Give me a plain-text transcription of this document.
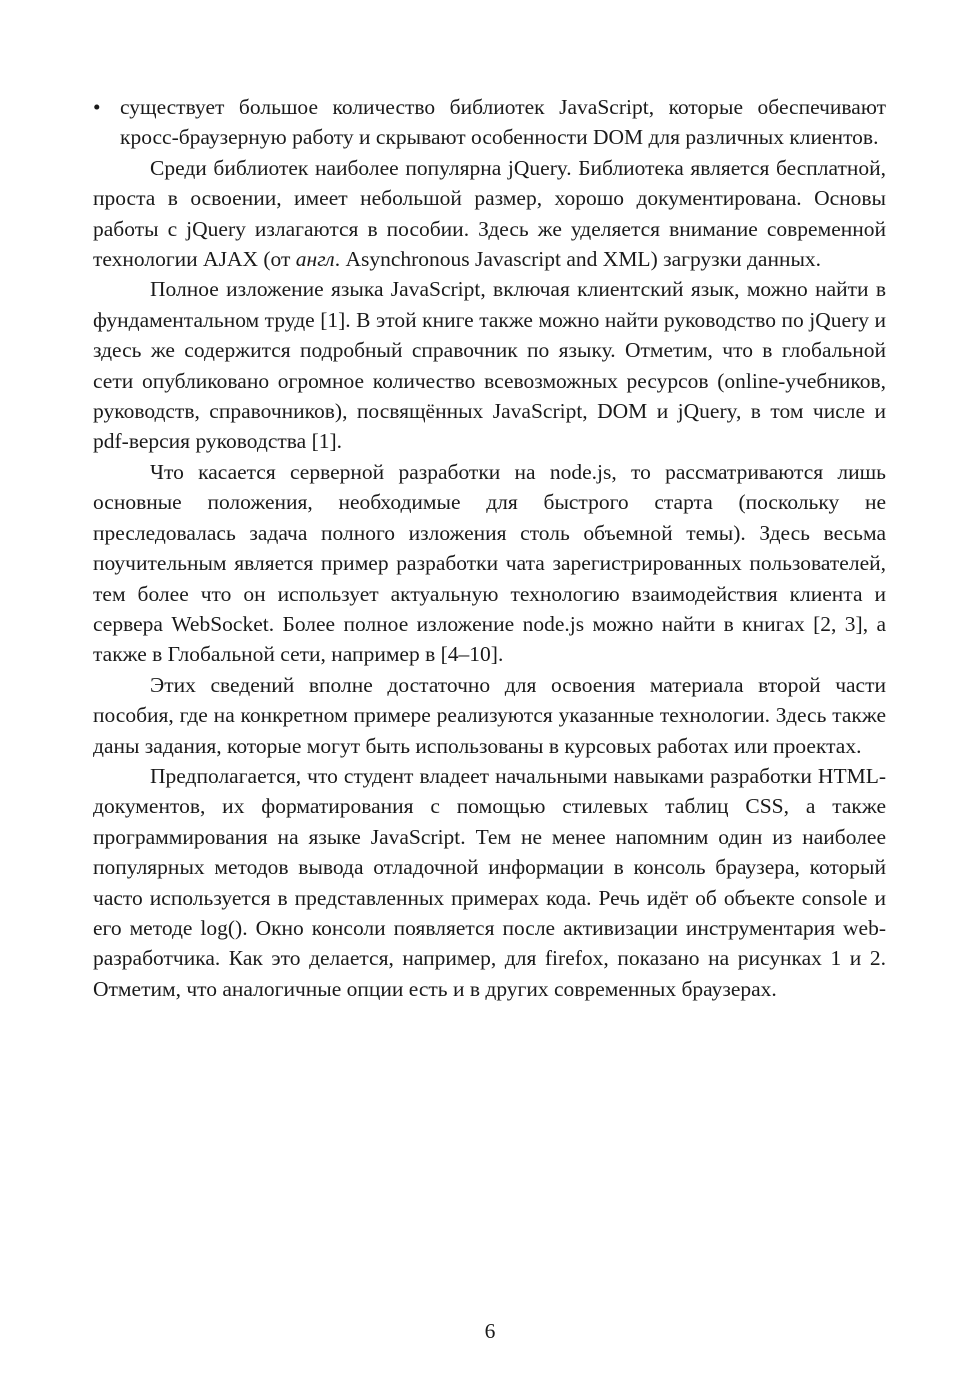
• существует большое количество библиотек JavaScript, которые обеспечивают кросс-браузерную работу и скрывают особенности DOM для различных клиентов.

Среди библиотек наиболее популярна jQuery. Библиотека является бесплатной, проста в освоении, имеет небольшой размер, хорошо документирована. Основы работы с jQuery излагаются в пособии. Здесь же уделяется внимание современной технологии AJAX (от англ. Asynchronous Javascript and XML) загрузки данных.

Полное изложение языка JavaScript, включая клиентский язык, можно найти в фундаментальном труде [1]. В этой книге также можно найти руководство по jQuery и здесь же содержится подробный справочник по языку. Отметим, что в глобальной сети опубликовано огромное количество всевозможных ресурсов (online-учебников, руководств, справочников), посвящённых JavaScript, DOM и jQuery, в том числе и pdf-версия руководства [1].

Что касается серверной разработки на node.js, то рассматриваются лишь основные положения, необходимые для быстрого старта (поскольку не преследовалась задача полного изложения столь объемной темы). Здесь весьма поучительным является пример разработки чата зарегистрированных пользователей, тем более что он использует актуальную технологию взаимодействия клиента и сервера WebSocket. Более полное изложение node.js можно найти в книгах [2, 3], а также в Глобальной сети, например в [4–10].

Этих сведений вполне достаточно для освоения материала второй части пособия, где на конкретном примере реализуются указанные технологии. Здесь также даны задания, которые могут быть использованы в курсовых работах или проектах.

Предполагается, что студент владеет начальными навыками разработки HTML-документов, их форматирования с помощью стилевых таблиц CSS, а также программирования на языке JavaScript. Тем не менее напомним один из наиболее популярных методов вывода отладочной информации в консоль браузера, который часто используется в представленных примерах кода. Речь идёт об объекте console и его методе log(). Окно консоли появляется после активизации инструментария web-разработчика. Как это делается, например, для firefox, показано на рисунках 1 и 2. Отметим, что аналогичные опции есть и в других современных браузерах.

6
